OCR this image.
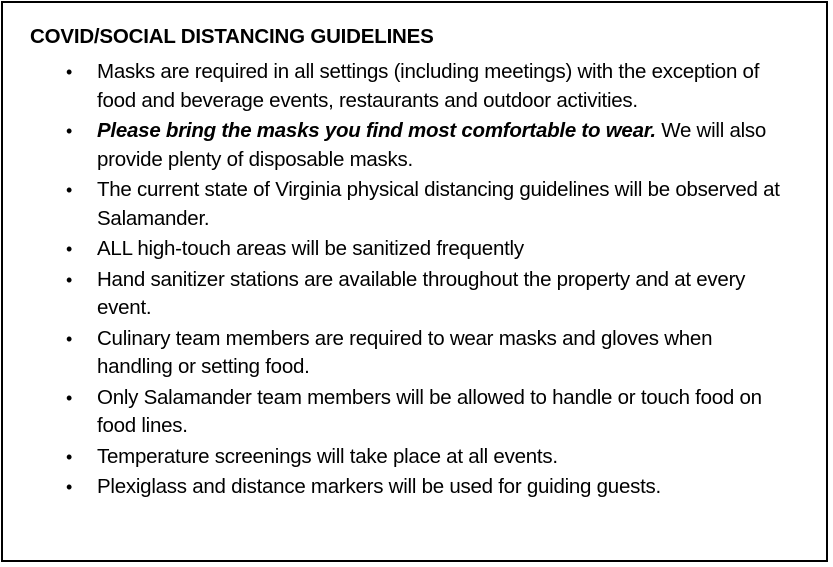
COVID/SOCIAL DISTANCING GUIDELINES
• Masks are required in all settings (including meetings) with the exception of food and beverage events, restaurants and outdoor activities.
• Please bring the masks you find most comfortable to wear. We will also provide plenty of disposable masks.
• The current state of Virginia physical distancing guidelines will be observed at Salamander.
• ALL high-touch areas will be sanitized frequently
• Hand sanitizer stations are available throughout the property and at every event.
• Culinary team members are required to wear masks and gloves when handling or setting food.
• Only Salamander team members will be allowed to handle or touch food on food lines.
• Temperature screenings will take place at all events.
• Plexiglass and distance markers will be used for guiding guests.
